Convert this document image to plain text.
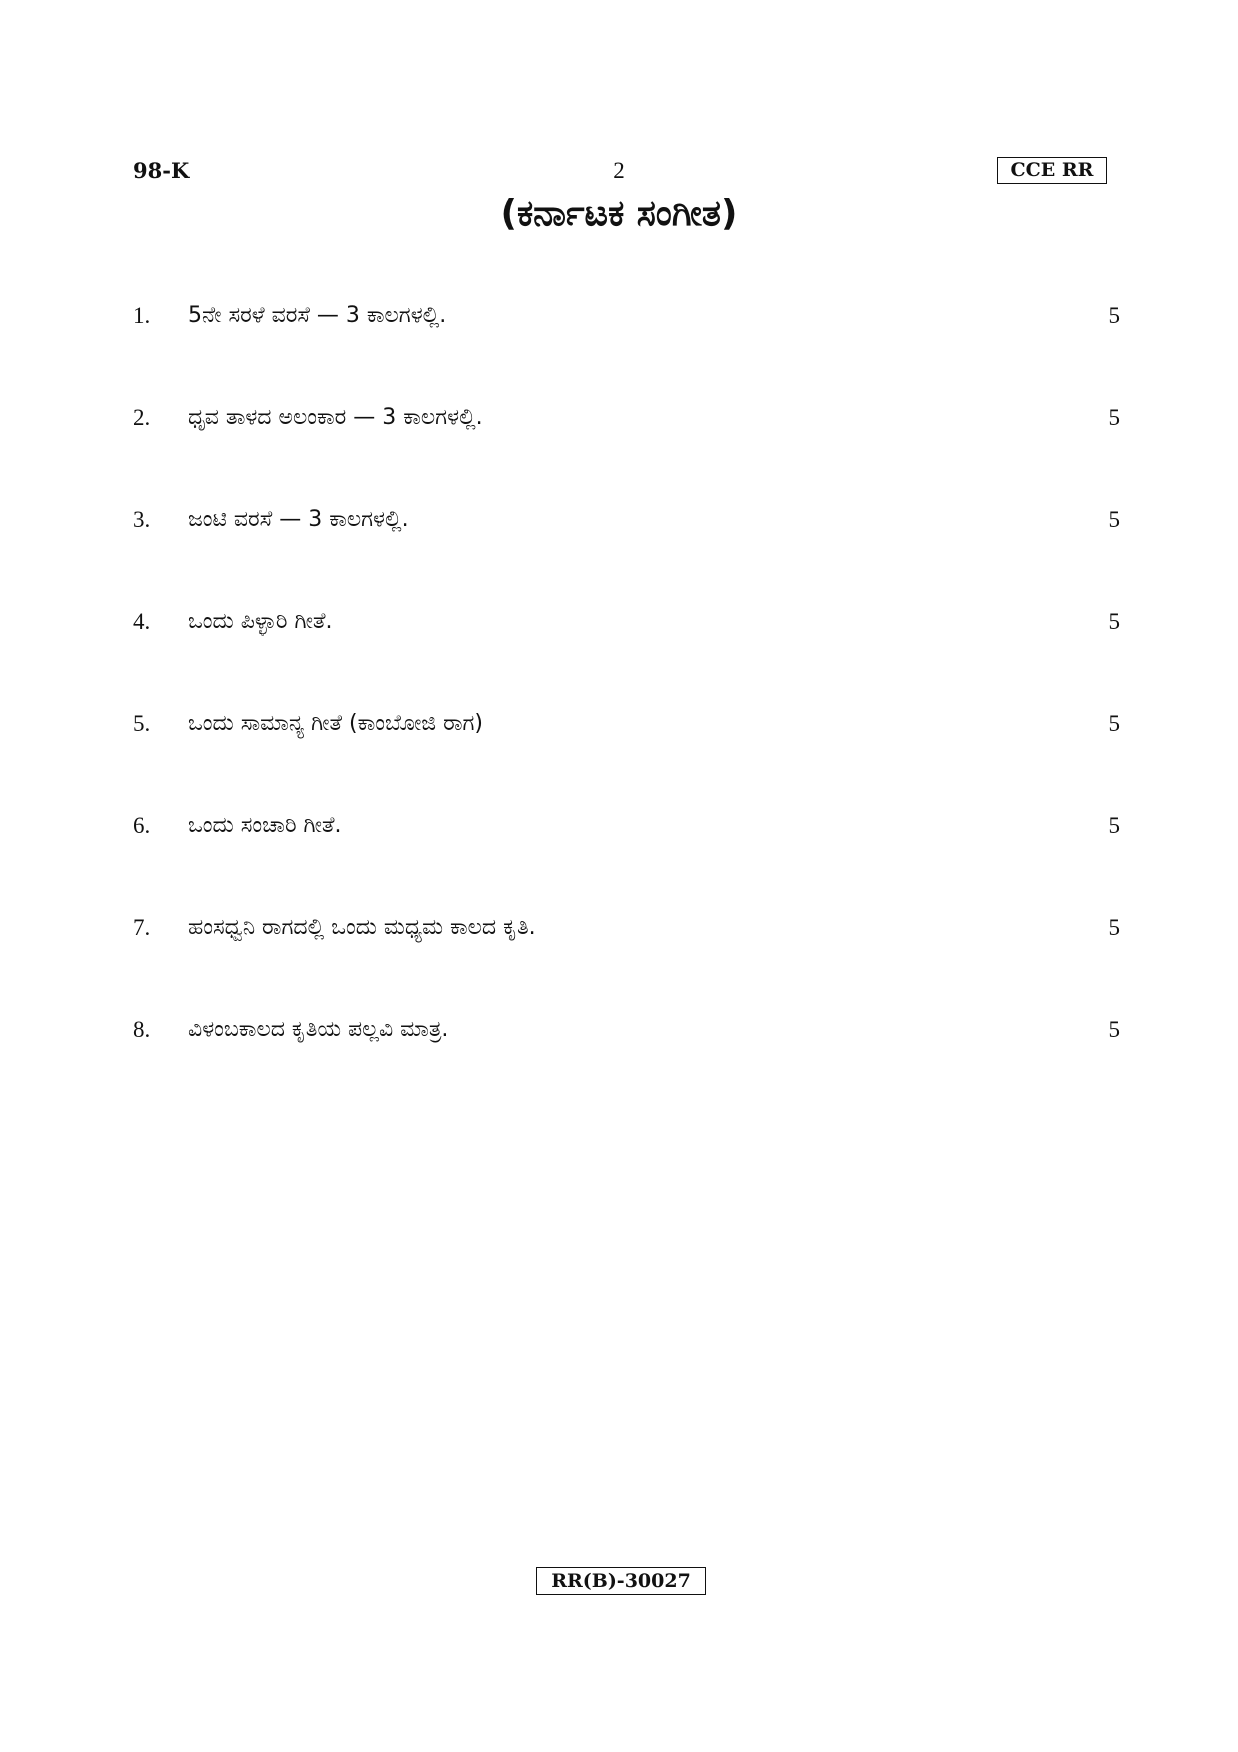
98-K	2	CCE RR
(ಕರ್ನಾಟಕ ಸಂಗೀತ)
1. 5ನೇ ಸರಳೆ ವರಸೆ — 3 ಕಾಲಗಳಲ್ಲಿ.	5
2. ಧೃವ ತಾಳದ ಅಲಂಕಾರ — 3 ಕಾಲಗಳಲ್ಲಿ.	5
3. ಜಂಟಿ ವರಸೆ — 3 ಕಾಲಗಳಲ್ಲಿ.	5
4. ಒಂದು ಪಿಳ್ಳಾರಿ ಗೀತೆ.	5
5. ಒಂದು ಸಾಮಾನ್ಯ ಗೀತೆ (ಕಾಂಬೋಜಿ ರಾಗ)	5
6. ಒಂದು ಸಂಚಾರಿ ಗೀತೆ.	5
7. ಹಂಸಧ್ವನಿ ರಾಗದಲ್ಲಿ ಒಂದು ಮಧ್ಯಮ ಕಾಲದ ಕೃತಿ.	5
8. ವಿಳಂಬಕಾಲದ ಕೃತಿಯ ಪಲ್ಲವಿ ಮಾತ್ರ.	5
RR(B)-30027
